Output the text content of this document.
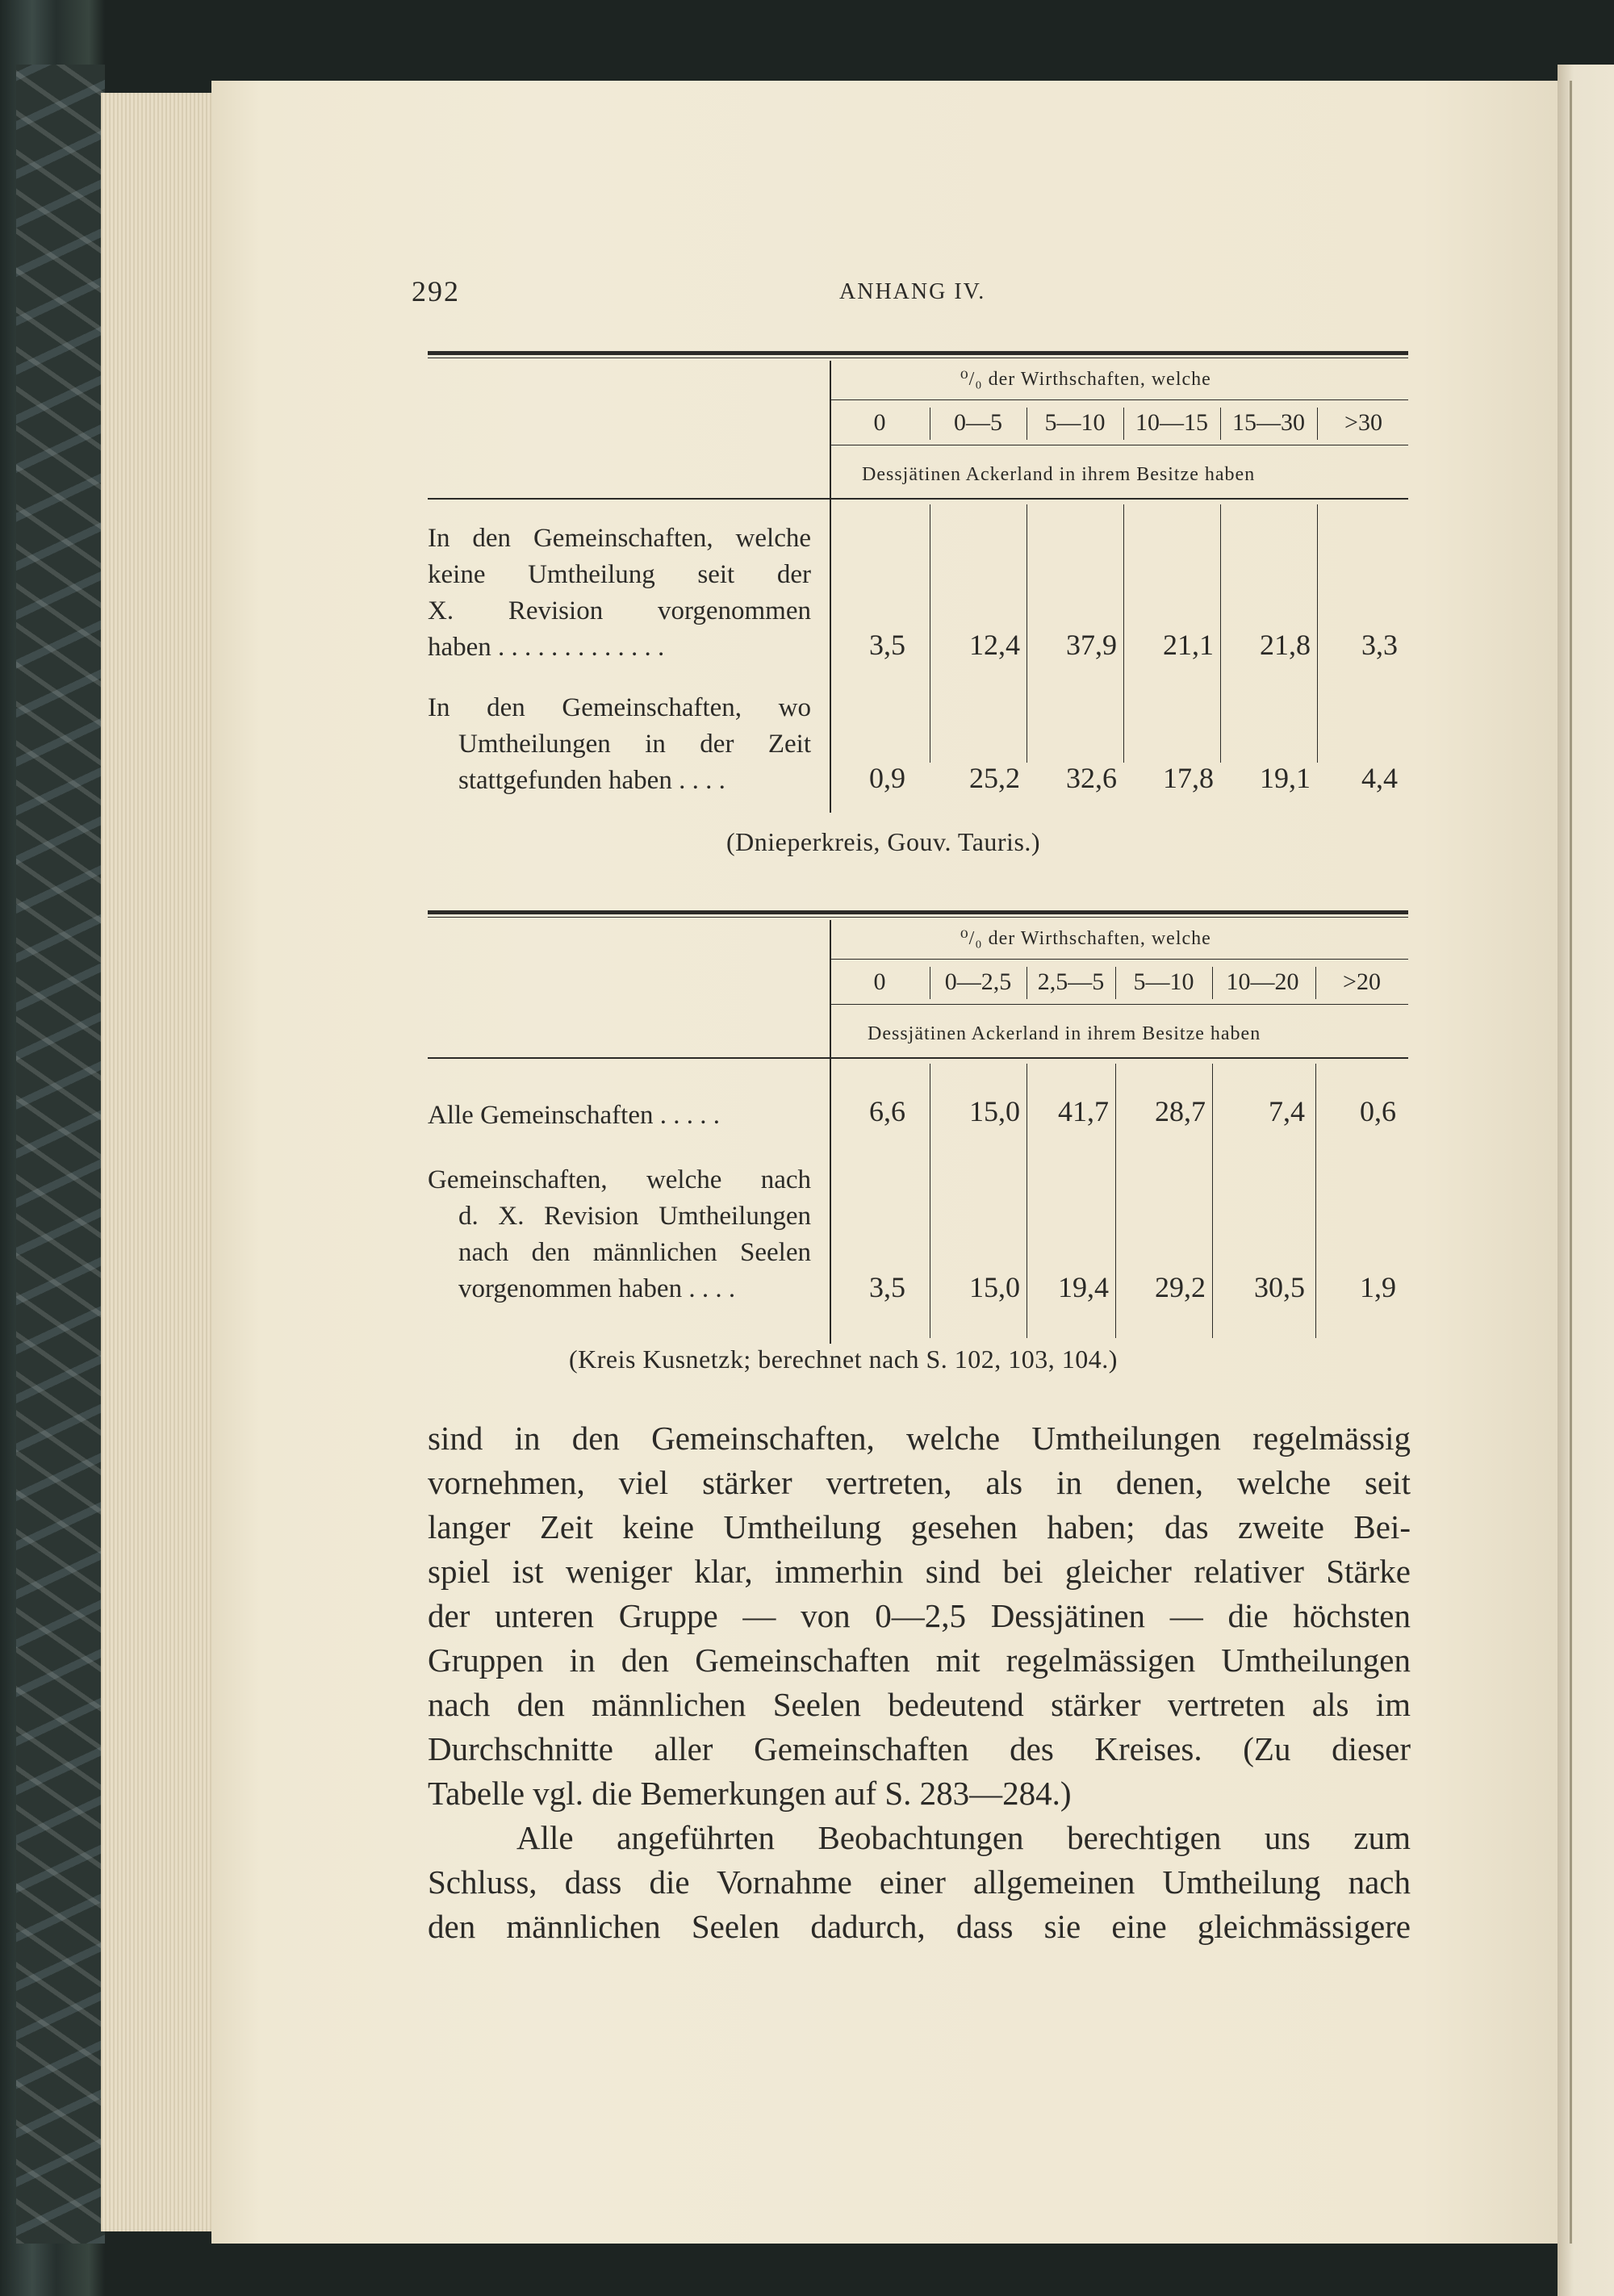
292	ANHANG IV.
⁰/₀ der Wirthschaften, welche
0	0—5	5—10	10—15	15—30	>30
Dessjätinen Ackerland in ihrem Besitze haben
In den Gemeinschaften, welche
keine Umtheilung seit der
X. Revision vorgenommen
haben . . . . . . . . . . . . .	3,5	12,4	37,9	21,1	21,8	3,3
In den Gemeinschaften, wo
Umtheilungen in der Zeit
stattgefunden haben . . . .	0,9	25,2	32,6	17,8	19,1	4,4
(Dnieperkreis, Gouv. Tauris.)
⁰/₀ der Wirthschaften, welche
0	0—2,5	2,5—5	5—10	10—20	>20
Dessjätinen Ackerland in ihrem Besitze haben
Alle Gemeinschaften . . . . .	6,6	15,0	41,7	28,7	7,4	0,6
Gemeinschaften, welche nach
d. X. Revision Umtheilungen
nach den männlichen Seelen
vorgenommen haben . . . .	3,5	15,0	19,4	29,2	30,5	1,9
(Kreis Kusnetzk; berechnet nach S. 102, 103, 104.)
sind in den Gemeinschaften, welche Umtheilungen regelmässig
vornehmen, viel stärker vertreten, als in denen, welche seit
langer Zeit keine Umtheilung gesehen haben; das zweite Bei-
spiel ist weniger klar, immerhin sind bei gleicher relativer Stärke
der unteren Gruppe — von 0—2,5 Dessjätinen — die höchsten
Gruppen in den Gemeinschaften mit regelmässigen Umtheilungen
nach den männlichen Seelen bedeutend stärker vertreten als im
Durchschnitte aller Gemeinschaften des Kreises. (Zu dieser
Tabelle vgl. die Bemerkungen auf S. 283—284.)
Alle angeführten Beobachtungen berechtigen uns zum
Schluss, dass die Vornahme einer allgemeinen Umtheilung nach
den männlichen Seelen dadurch, dass sie eine gleichmässigere
